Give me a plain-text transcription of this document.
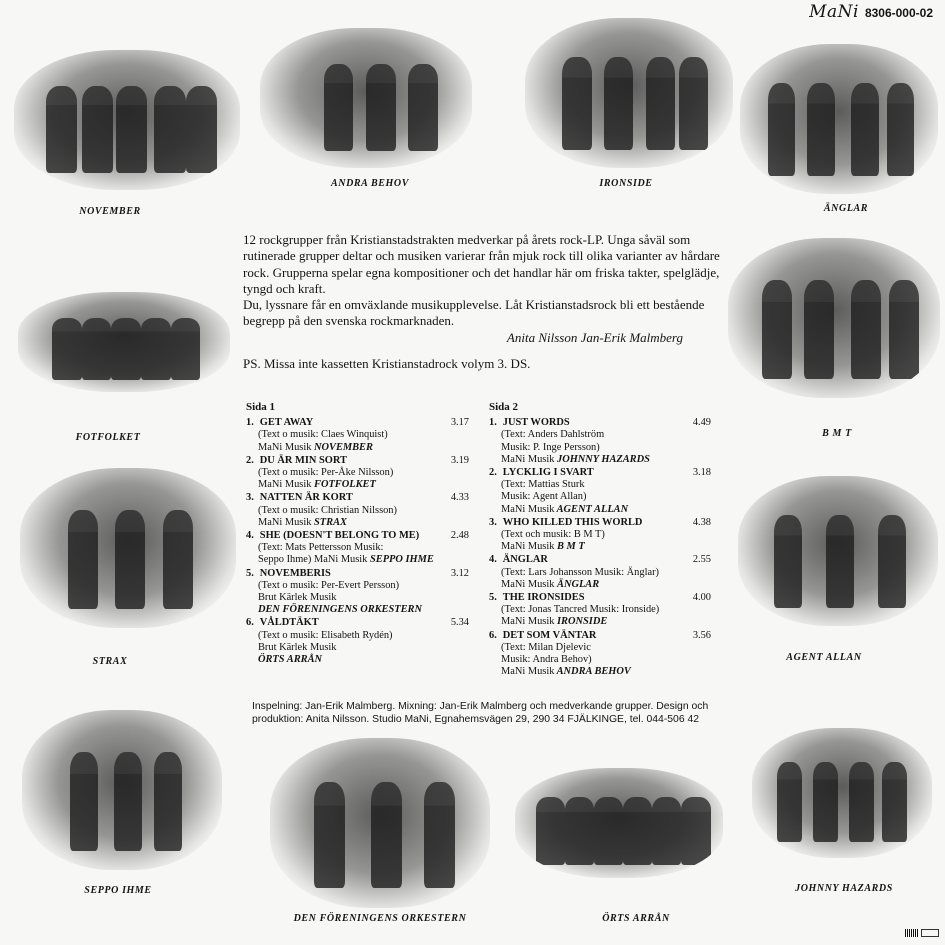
MaNi 8306-000-02
NOVEMBER
ANDRA BEHOV	IRONSIDE
ÄNGLAR
FOTFOLKET	B M T
STRAX	AGENT ALLAN
SEPPO IHME
DEN FÖRENINGENS ORKESTERN	ÖRTS ARRÅN
JOHNNY HAZARDS

12 rockgrupper från Kristianstadstrakten medverkar på årets rock-LP. Unga såväl som rutinerade grupper deltar och musiken varierar från mjuk rock till olika varianter av hårdare rock. Grupperna spelar egna kompositioner och det handlar här om friska takter, spelglädje, tyngd och kraft.

Du, lyssnare får en omväxlande musikupplevelse. Låt Kristianstadsrock bli ett bestående begrepp på den svenska rockmarknaden.

Anita Nilsson Jan-Erik Malmberg

PS. Missa inte kassetten Kristianstadrock volym 3. DS.

Sida 1
1. GET AWAY	3.17
(Text o musik: Claes Winquist)
MaNi Musik NOVEMBER
2. DU ÄR MIN SORT	3.19
(Text o musik: Per-Åke Nilsson)
MaNi Musik FOTFOLKET
3. NATTEN ÄR KORT	4.33
(Text o musik: Christian Nilsson)
MaNi Musik STRAX
4. SHE (DOESN'T BELONG TO ME)	2.48
(Text: Mats Pettersson Musik:
Seppo Ihme) MaNi Musik SEPPO IHME
5. NOVEMBERIS	3.12
(Text o musik: Per-Evert Persson)
Brut Kärlek Musik
DEN FÖRENINGENS ORKESTERN
6. VÅLDTÄKT	5.34
(Text o musik: Elisabeth Rydén)
Brut Kärlek Musik
ÖRTS ARRÅN
Sida 2
1. JUST WORDS	4.49
(Text: Anders Dahlström
Musik: P. Inge Persson)
MaNi Musik JOHNNY HAZARDS
2. LYCKLIG I SVART	3.18
(Text: Mattias Sturk
Musik: Agent Allan)
MaNi Musik AGENT ALLAN
3. WHO KILLED THIS WORLD	4.38
(Text och musik: B M T)
MaNi Musik B M T
4. ÄNGLAR	2.55
(Text: Lars Johansson Musik: Änglar)
MaNi Musik ÄNGLAR
5. THE IRONSIDES	4.00
(Text: Jonas Tancred Musik: Ironside)
MaNi Musik IRONSIDE
6. DET SOM VÄNTAR	3.56
(Text: Milan Djelevic
Musik: Andra Behov)
MaNi Musik ANDRA BEHOV
Inspelning: Jan-Erik Malmberg. Mixning: Jan-Erik Malmberg och medverkande grupper. Design och produktion: Anita Nilsson. Studio MaNi, Egnahemsvägen 29, 290 34 FJÄLKINGE, tel. 044-506 42
